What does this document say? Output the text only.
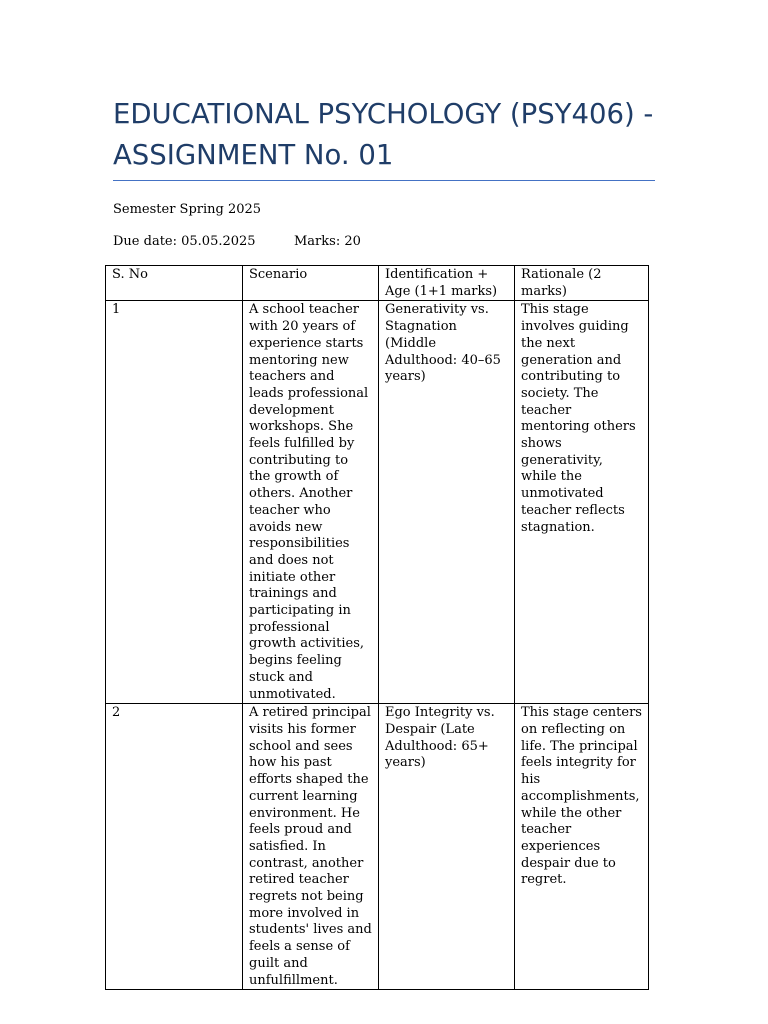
EDUCATIONAL PSYCHOLOGY (PSY406) - ASSIGNMENT No. 01
Semester Spring 2025
Due date: 05.05.2025	Marks: 20
S. No	Scenario	Identification + Age (1+1 marks)	Rationale (2 marks)
1	A school teacher with 20 years of experience starts mentoring new teachers and leads professional development workshops. She feels fulfilled by contributing to the growth of others. Another teacher who avoids new responsibilities and does not initiate other trainings and participating in professional growth activities, begins feeling stuck and unmotivated.	Generativity vs. Stagnation (Middle Adulthood: 40–65 years)	This stage involves guiding the next generation and contributing to society. The teacher mentoring others shows generativity, while the unmotivated teacher reflects stagnation.
2	A retired principal visits his former school and sees how his past efforts shaped the current learning environment. He feels proud and satisfied. In contrast, another retired teacher regrets not being more involved in students' lives and feels a sense of guilt and unfulfillment.	Ego Integrity vs. Despair (Late Adulthood: 65+ years)	This stage centers on reflecting on life. The principal feels integrity for his accomplishments, while the other teacher experiences despair due to regret.
